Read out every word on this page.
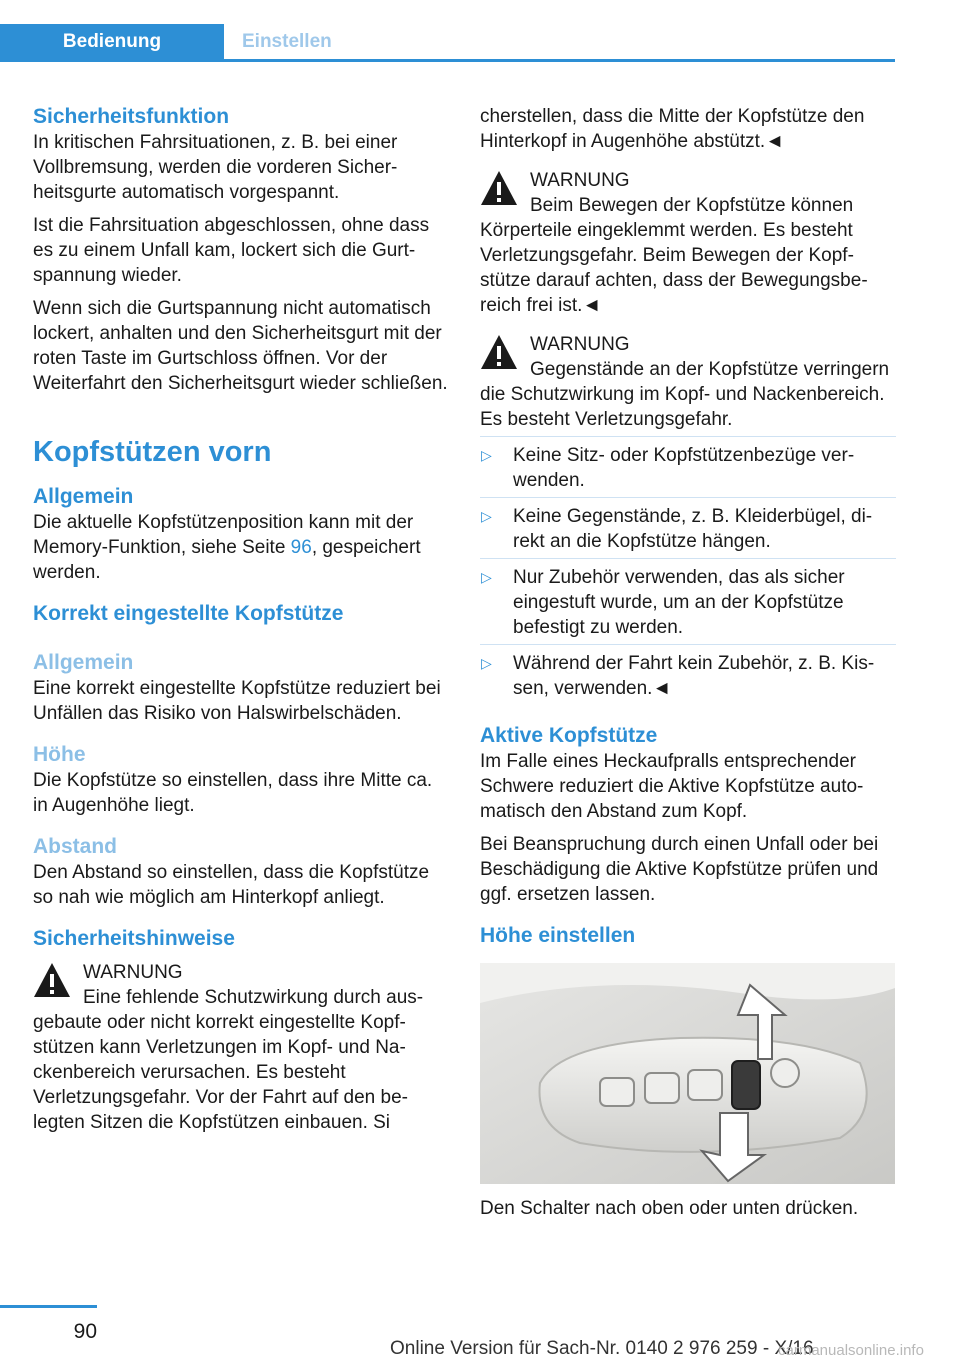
Bedienung	Einstellen
Sicherheitsfunktion

In kritischen Fahrsituationen, z. B. bei einer Vollbremsung, werden die vorderen Sicherheitsgurte automatisch vorgespannt.

Ist die Fahrsituation abgeschlossen, ohne dass es zu einem Unfall kam, lockert sich die Gurtspannung wieder.

Wenn sich die Gurtspannung nicht automatisch lockert, anhalten und den Sicherheitsgurt mit der roten Taste im Gurtschloss öffnen. Vor der Weiterfahrt den Sicherheitsgurt wieder schließen.

Kopfstützen vorn
Allgemein

Die aktuelle Kopfstützenposition kann mit der Memory-Funktion, siehe Seite 96, gespeichert werden.

Korrekt eingestellte Kopfstütze
Allgemein

Eine korrekt eingestellte Kopfstütze reduziert bei Unfällen das Risiko von Halswirbelschäden.

Höhe

Die Kopfstütze so einstellen, dass ihre Mitte ca. in Augenhöhe liegt.

Abstand

Den Abstand so einstellen, dass die Kopfstütze so nah wie möglich am Hinterkopf anliegt.

Sicherheitshinweise
WARNUNG

Eine fehlende Schutzwirkung durch ausgebaute oder nicht korrekt eingestellte Kopfstützen kann Verletzungen im Kopf- und Nackenbereich verursachen. Es besteht Verletzungsgefahr. Vor der Fahrt auf den belegten Sitzen die Kopfstützen einbauen. Si

cherstellen, dass die Mitte der Kopfstütze den Hinterkopf in Augenhöhe abstützt.◄

WARNUNG

Beim Bewegen der Kopfstütze können Körperteile eingeklemmt werden. Es besteht Verletzungsgefahr. Beim Bewegen der Kopfstütze darauf achten, dass der Bewegungsbereich frei ist.◄

WARNUNG

Gegenstände an der Kopfstütze verringern die Schutzwirkung im Kopf- und Nackenbereich. Es besteht Verletzungsgefahr.

▷ Keine Sitz- oder Kopfstützenbezüge verwenden.
▷ Keine Gegenstände, z. B. Kleiderbügel, direkt an die Kopfstütze hängen.
▷ Nur Zubehör verwenden, das als sicher eingestuft wurde, um an der Kopfstütze befestigt zu werden.
▷ Während der Fahrt kein Zubehör, z. B. Kissen, verwenden.◄
Aktive Kopfstütze

Im Falle eines Heckaufpralls entsprechender Schwere reduziert die Aktive Kopfstütze automatisch den Abstand zum Kopf.

Bei Beanspruchung durch einen Unfall oder bei Beschädigung die Aktive Kopfstütze prüfen und ggf. ersetzen lassen.

Höhe einstellen

Den Schalter nach oben oder unten drücken.

90
Online Version für Sach-Nr. 0140 2 976 259 - X/16
carmanualsonline.info
